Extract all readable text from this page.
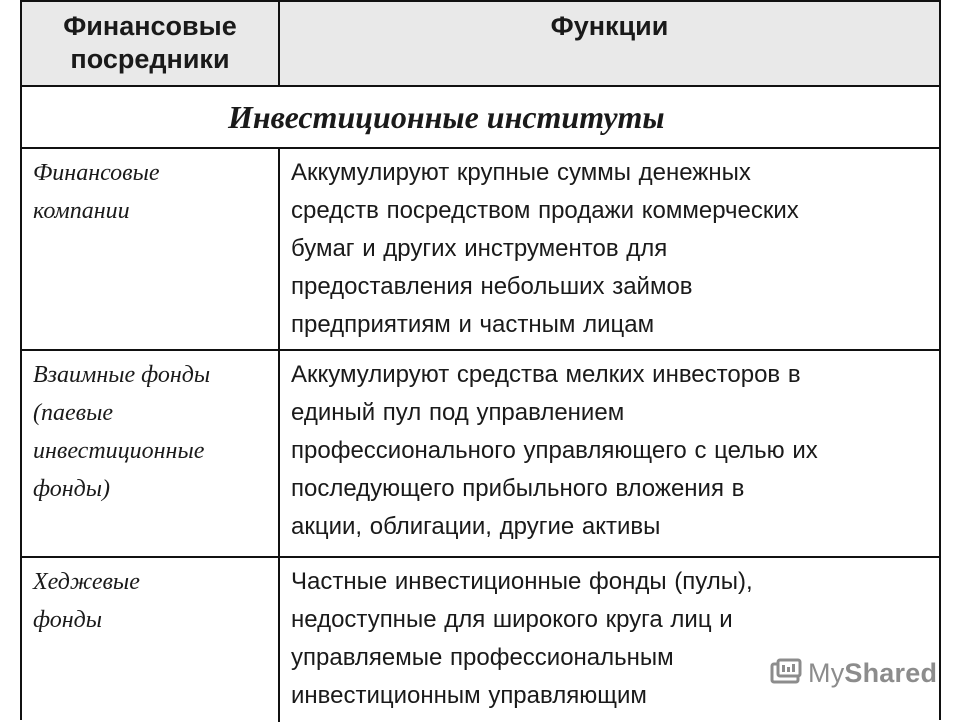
Финансовые
посредники
Функции
Инвестиционные институты
Финансовые
компании
Аккумулируют крупные суммы денежных
средств посредством продажи коммерческих
бумаг и других инструментов для
предоставления небольших займов
предприятиям и частным лицам
Взаимные фонды
(паевые
инвестиционные
фонды)
Аккумулируют средства мелких инвесторов в
единый пул под управлением
профессионального управляющего с целью их
последующего прибыльного вложения в
акции, облигации, другие активы
Хеджевые
фонды
Частные инвестиционные фонды (пулы),
недоступные для широкого круга лиц и
управляемые профессиональным
инвестиционным управляющим
MyShared
